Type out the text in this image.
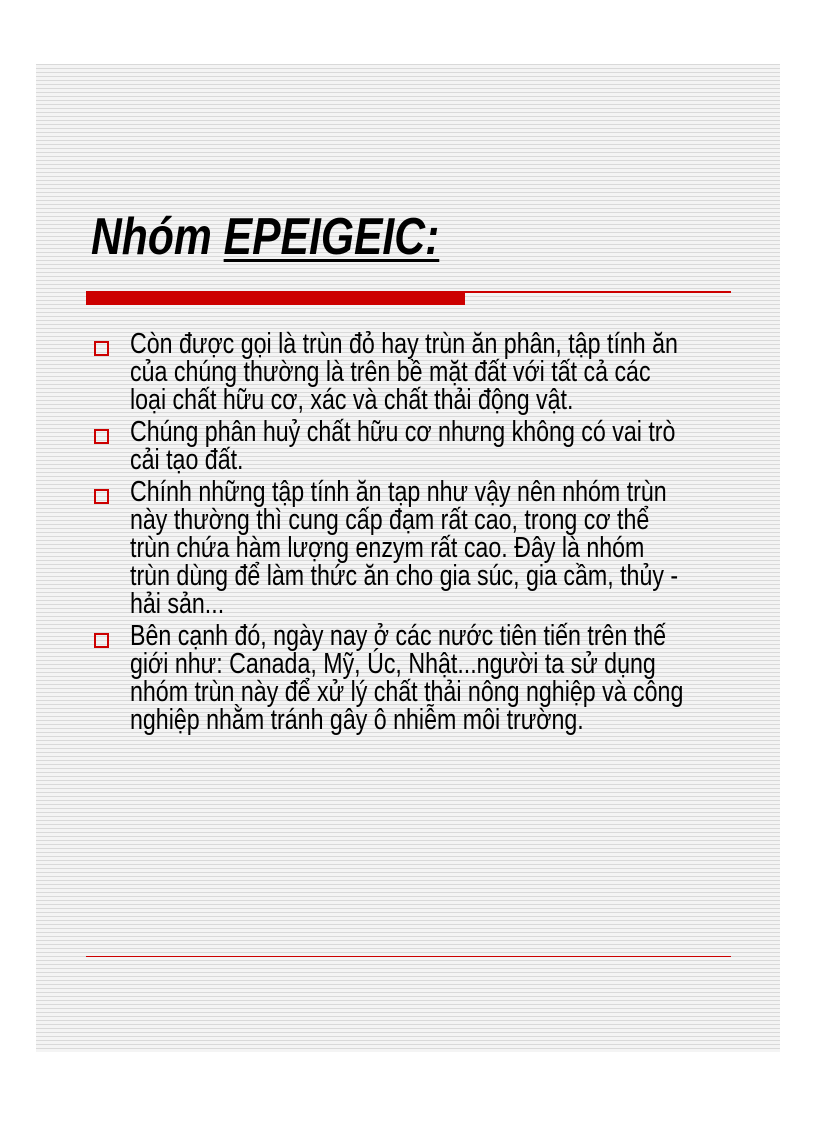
Nhóm EPEIGEIC:
Còn được gọi là trùn đỏ hay trùn ăn phân, tập tính ăn
của chúng thường là trên bề mặt đất với tất cả các
loại chất hữu cơ, xác và chất thải động vật.
Chúng phân huỷ chất hữu cơ nhưng không có vai trò
cải tạo đất.
Chính những tập tính ăn tạp như vậy nên nhóm trùn
này thường thì cung cấp đạm rất cao, trong cơ thể
trùn chứa hàm lượng enzym rất cao. Đây là nhóm
trùn dùng để làm thức ăn cho gia súc, gia cầm, thủy -
hải sản...
Bên cạnh đó, ngày nay ở các nước tiên tiến trên thế
giới như: Canada, Mỹ, Úc, Nhật...người ta sử dụng
nhóm trùn này để xử lý chất thải nông nghiệp và công
nghiệp nhằm tránh gây ô nhiễm môi trường.
